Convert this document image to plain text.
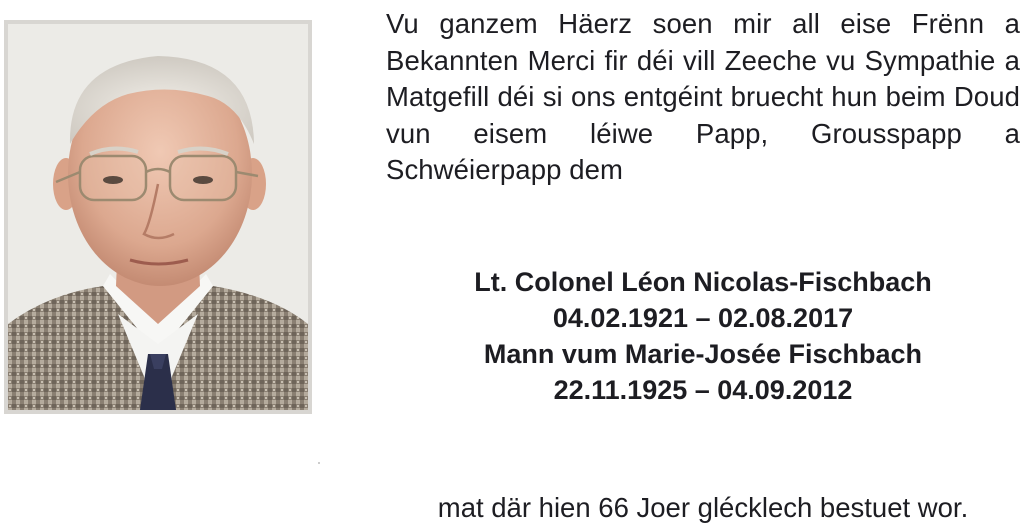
Vu ganzem Häerz soen mir all eise Frënn a Bekannten Merci fir déi vill Zeeche vu Sympathie a Matgefill déi si ons entgéint bruecht hun beim Doud vun eisem léiwe Papp, Grousspapp a Schwéierpapp dem

Lt. Colonel Léon Nicolas-Fischbach
04.02.1921 – 02.08.2017
Mann vum Marie-Josée Fischbach
22.11.1925 – 04.09.2012

mat där hien 66 Joer glécklech bestuet wor.
